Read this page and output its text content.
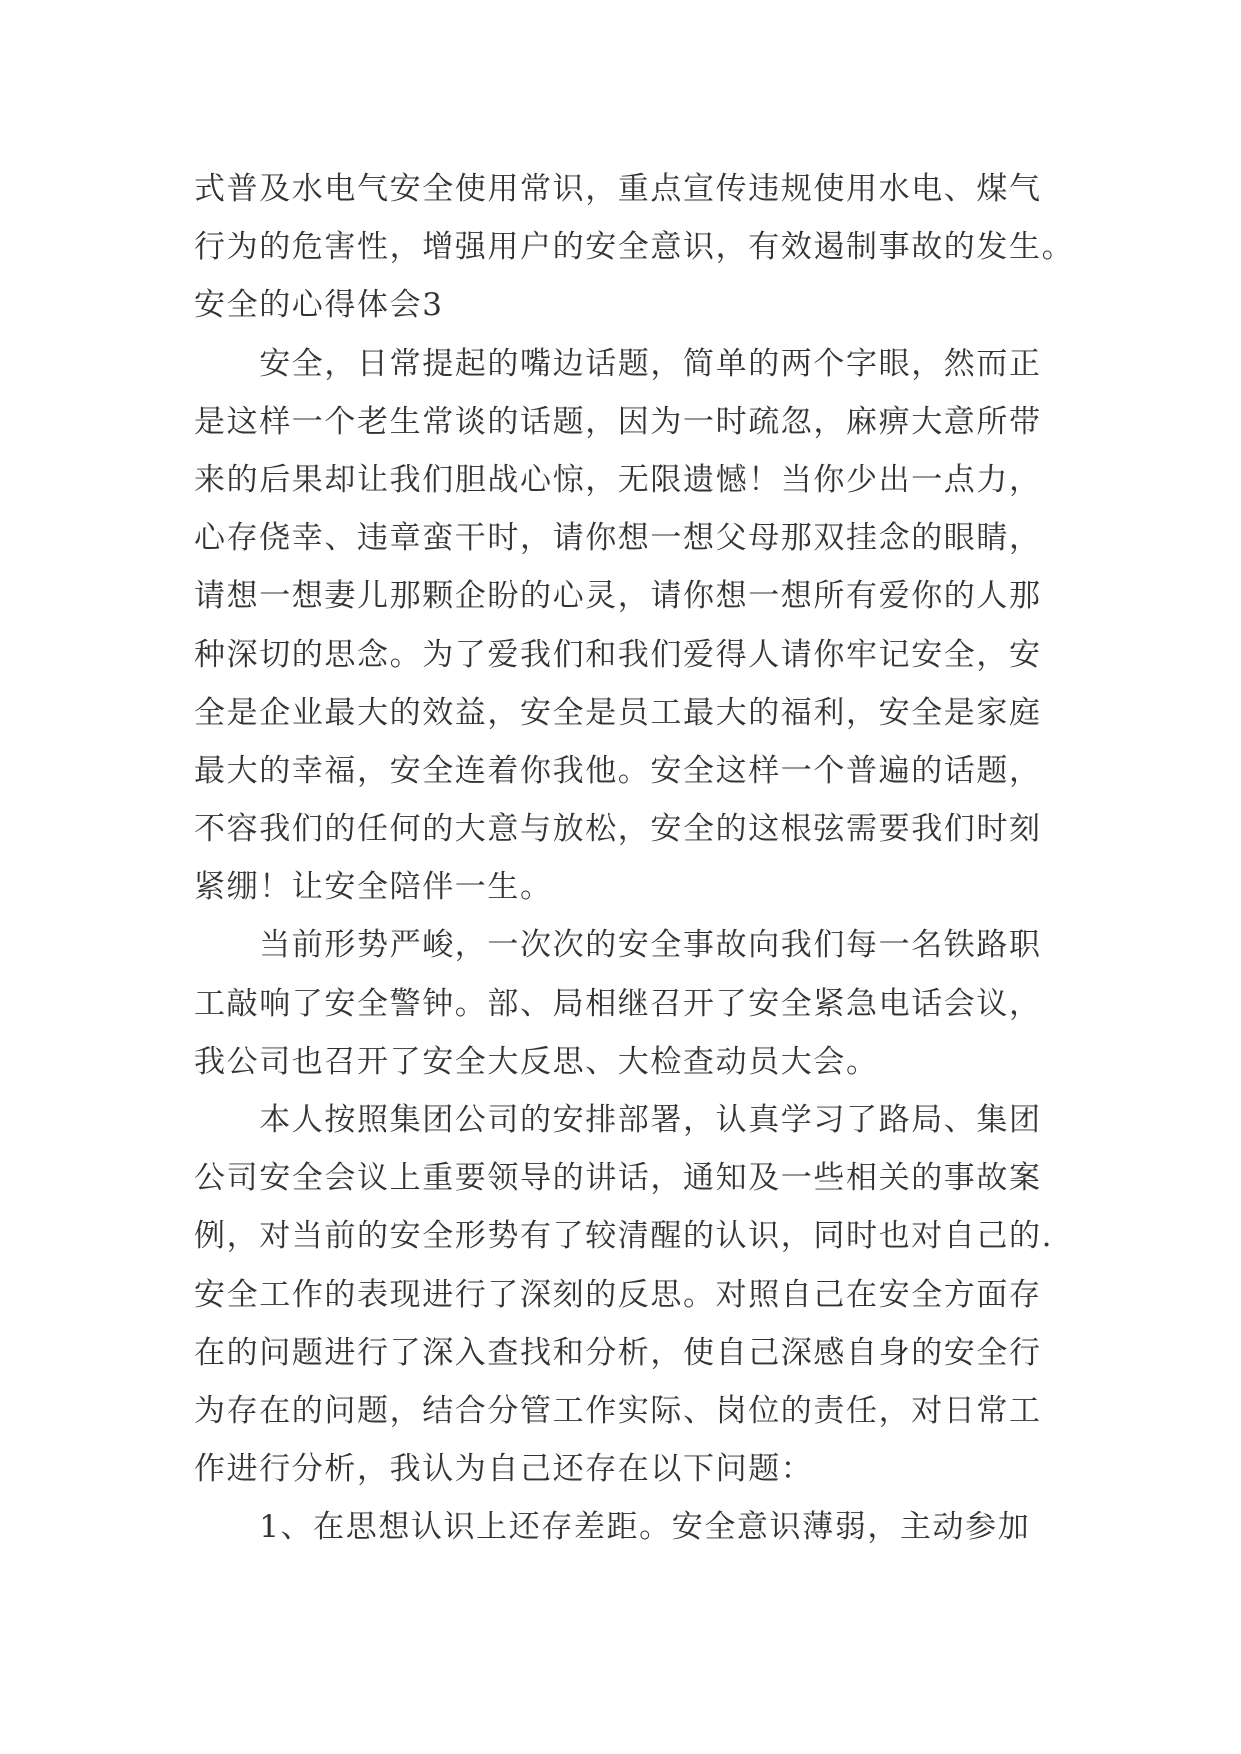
式普及水电气安全使用常识，重点宣传违规使用水电、煤气
行为的危害性，增强用户的安全意识，有效遏制事故的发生。
安全的心得体会3
　　安全，日常提起的嘴边话题，简单的两个字眼，然而正
是这样一个老生常谈的话题，因为一时疏忽，麻痹大意所带
来的后果却让我们胆战心惊，无限遗憾！当你少出一点力，
心存侥幸、违章蛮干时，请你想一想父母那双挂念的眼睛，
请想一想妻儿那颗企盼的心灵，请你想一想所有爱你的人那
种深切的思念。为了爱我们和我们爱得人请你牢记安全，安
全是企业最大的效益，安全是员工最大的福利，安全是家庭
最大的幸福，安全连着你我他。安全这样一个普遍的话题，
不容我们的任何的大意与放松，安全的这根弦需要我们时刻
紧绷！让安全陪伴一生。
　　当前形势严峻，一次次的安全事故向我们每一名铁路职
工敲响了安全警钟。部、局相继召开了安全紧急电话会议，
我公司也召开了安全大反思、大检查动员大会。
　　本人按照集团公司的安排部署，认真学习了路局、集团
公司安全会议上重要领导的讲话，通知及一些相关的事故案
例，对当前的安全形势有了较清醒的认识，同时也对自己的.
安全工作的表现进行了深刻的反思。对照自己在安全方面存
在的问题进行了深入查找和分析，使自己深感自身的安全行
为存在的问题，结合分管工作实际、岗位的责任，对日常工
作进行分析，我认为自己还存在以下问题：
　　1、在思想认识上还存差距。安全意识薄弱，主动参加
